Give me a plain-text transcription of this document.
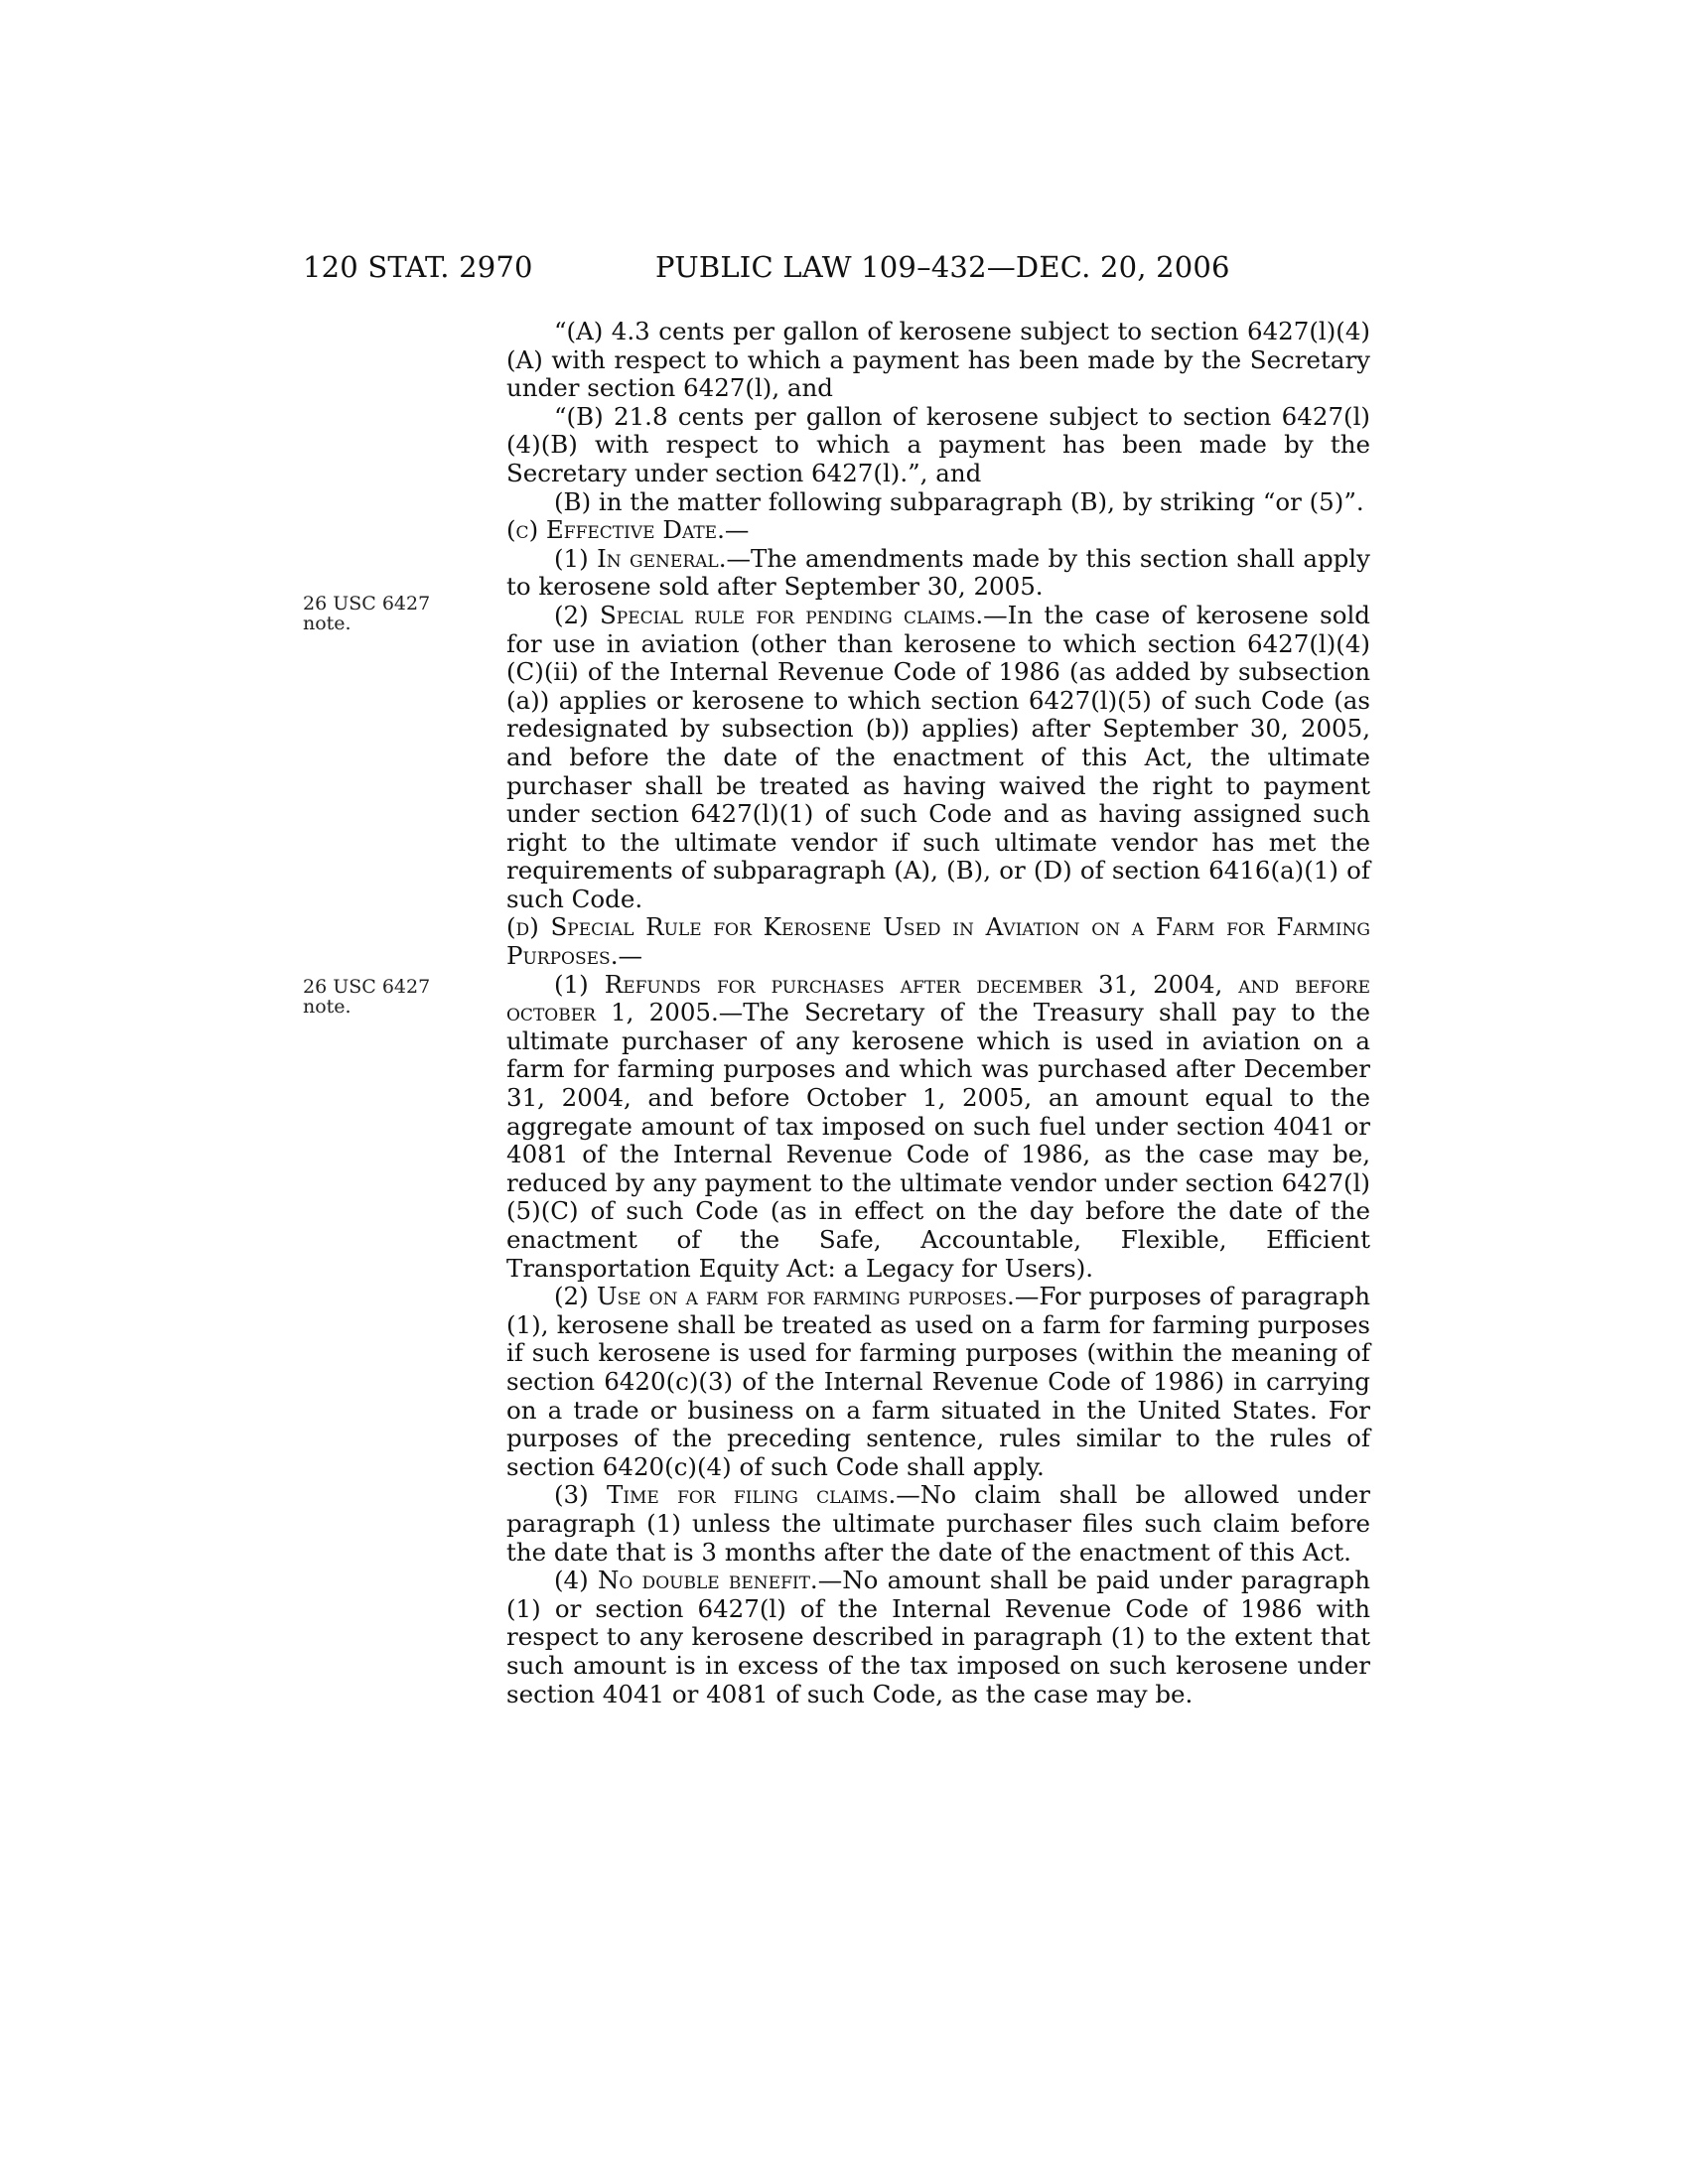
120 STAT. 2970	PUBLIC LAW 109–432—DEC. 20, 2006
26 USC 6427
note.
26 USC 6427
note.

“(A) 4.3 cents per gallon of kerosene subject to section 6427(l)(4)(A) with respect to which a payment has been made by the Secretary under section 6427(l), and

“(B) 21.8 cents per gallon of kerosene subject to section 6427(l)(4)(B) with respect to which a payment has been made by the Secretary under section 6427(l).”, and

(B) in the matter following subparagraph (B), by striking “or (5)”.

(c) Effective Date.—

(1) In general.—The amendments made by this section shall apply to kerosene sold after September 30, 2005.

(2) Special rule for pending claims.—In the case of kerosene sold for use in aviation (other than kerosene to which section 6427(l)(4)(C)(ii) of the Internal Revenue Code of 1986 (as added by subsection (a)) applies or kerosene to which section 6427(l)(5) of such Code (as redesignated by subsection (b)) applies) after September 30, 2005, and before the date of the enactment of this Act, the ultimate purchaser shall be treated as having waived the right to payment under section 6427(l)(1) of such Code and as having assigned such right to the ultimate vendor if such ultimate vendor has met the requirements of subparagraph (A), (B), or (D) of section 6416(a)(1) of such Code.

(d) Special Rule for Kerosene Used in Aviation on a Farm for Farming Purposes.—

(1) Refunds for purchases after december 31, 2004, and before october 1, 2005.—The Secretary of the Treasury shall pay to the ultimate purchaser of any kerosene which is used in aviation on a farm for farming purposes and which was purchased after December 31, 2004, and before October 1, 2005, an amount equal to the aggregate amount of tax imposed on such fuel under section 4041 or 4081 of the Internal Revenue Code of 1986, as the case may be, reduced by any payment to the ultimate vendor under section 6427(l)(5)(C) of such Code (as in effect on the day before the date of the enactment of the Safe, Accountable, Flexible, Efficient Transportation Equity Act: a Legacy for Users).

(2) Use on a farm for farming purposes.—For purposes of paragraph (1), kerosene shall be treated as used on a farm for farming purposes if such kerosene is used for farming purposes (within the meaning of section 6420(c)(3) of the Internal Revenue Code of 1986) in carrying on a trade or business on a farm situated in the United States. For purposes of the preceding sentence, rules similar to the rules of section 6420(c)(4) of such Code shall apply.

(3) Time for filing claims.—No claim shall be allowed under paragraph (1) unless the ultimate purchaser files such claim before the date that is 3 months after the date of the enactment of this Act.

(4) No double benefit.—No amount shall be paid under paragraph (1) or section 6427(l) of the Internal Revenue Code of 1986 with respect to any kerosene described in paragraph (1) to the extent that such amount is in excess of the tax imposed on such kerosene under section 4041 or 4081 of such Code, as the case may be.
